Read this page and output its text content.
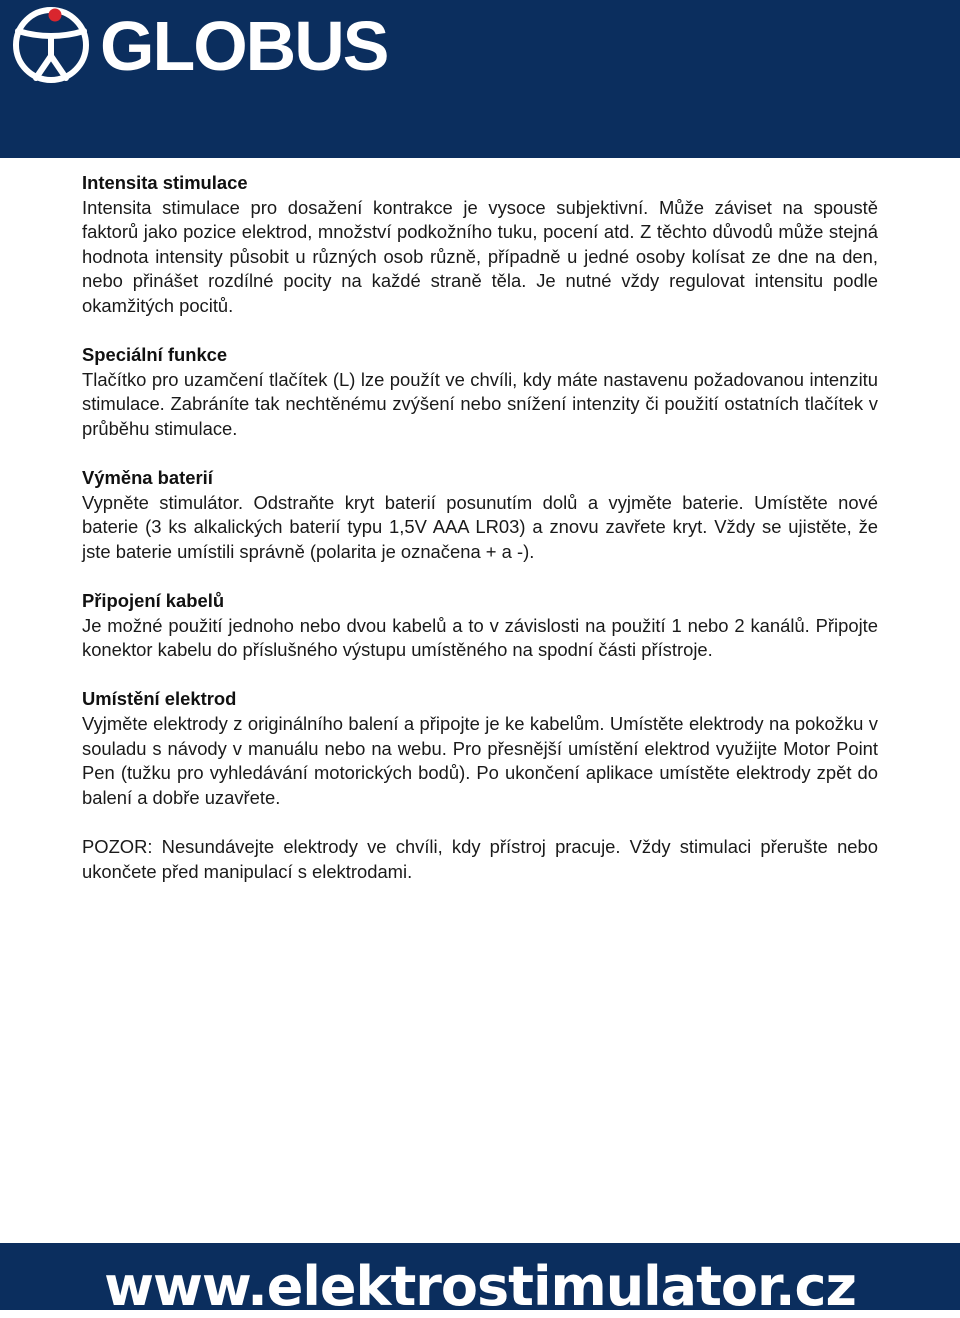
GLOBUS
Intensita stimulace

Intensita stimulace pro dosažení kontrakce je vysoce subjektivní. Může záviset na spoustě faktorů jako pozice elektrod, množství podkožního tuku, pocení atd. Z těchto důvodů může stejná hodnota intensity působit u různých osob různě, případně u jedné osoby kolísat ze dne na den, nebo přinášet rozdílné pocity na každé straně těla. Je nutné vždy regulovat intensitu podle okamžitých pocitů.

Speciální funkce

Tlačítko pro uzamčení tlačítek (L) lze použít ve chvíli, kdy máte nastavenu požadovanou intenzitu stimulace. Zabráníte tak nechtěnému zvýšení nebo snížení intenzity či použití ostatních tlačítek v průběhu stimulace.

Výměna baterií

Vypněte stimulátor. Odstraňte kryt baterií posunutím dolů a vyjměte baterie. Umístěte nové baterie (3 ks alkalických baterií typu 1,5V AAA LR03) a znovu zavřete kryt. Vždy se ujistěte, že jste baterie umístili správně (polarita je označena + a -).

Připojení kabelů

Je možné použití jednoho nebo dvou kabelů a to v závislosti na použití 1 nebo 2 kanálů. Připojte konektor kabelu do příslušného výstupu umístěného na spodní části přístroje.

Umístění elektrod

Vyjměte elektrody z originálního balení a připojte je ke kabelům. Umístěte elektrody na pokožku v souladu s návody v manuálu nebo na webu. Pro přesnější umístění elektrod využijte Motor Point Pen (tužku pro vyhledávání motorických bodů). Po ukončení aplikace umístěte elektrody zpět do balení a dobře uzavřete.

POZOR: Nesundávejte elektrody ve chvíli, kdy přístroj pracuje. Vždy stimulaci přerušte nebo ukončete před manipulací s elektrodami.

www.elektrostimulator.cz
